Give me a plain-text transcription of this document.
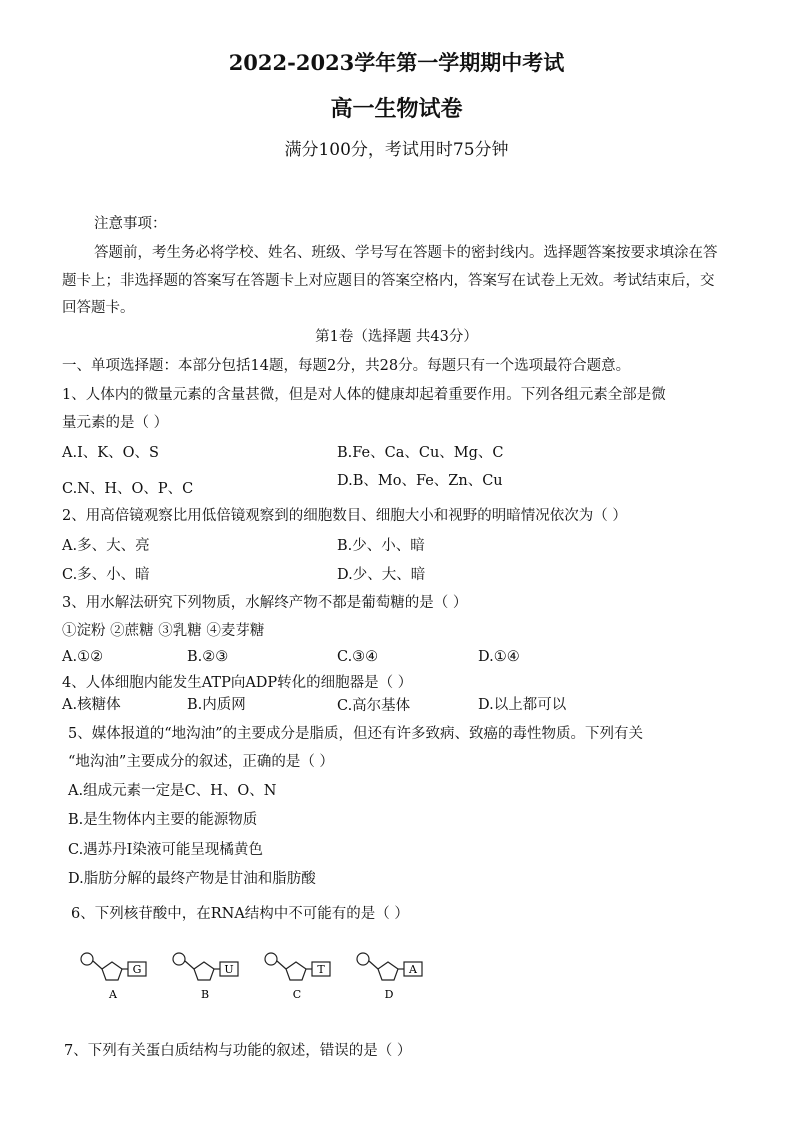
2022-2023学年第一学期期中考试
高一生物试卷
满分100分，考试用时75分钟
注意事项：
答题前，考生务必将学校、姓名、班级、学号写在答题卡的密封线内。选择题答案按要求填涂在答
题卡上；非选择题的答案写在答题卡上对应题目的答案空格内，答案写在试卷上无效。考试结束后，交
回答题卡。
第1卷（选择题 共43分）
一、单项选择题：本部分包括14题，每题2分，共28分。每题只有一个选项最符合题意。
1、人体内的微量元素的含量甚微，但是对人体的健康却起着重要作用。下列各组元素全部是微
量元素的是（ ）
A.I、K、O、S	B.Fe、Ca、Cu、Mg、C
D.B、Mo、Fe、Zn、Cu
C.N、H、O、P、C
2、用高倍镜观察比用低倍镜观察到的细胞数目、细胞大小和视野的明暗情况依次为（ ）
A.多、大、亮	B.少、小、暗
C.多、小、暗	D.少、大、暗
3、用水解法研究下列物质，水解终产物不都是葡萄糖的是（ ）
①淀粉 ②蔗糖 ③乳糖 ④麦芽糖
A.①②	B.②③	C.③④	D.①④
4、人体细胞内能发生ATP向ADP转化的细胞器是（ ）
A.核糖体	B.内质网	C.高尔基体	D.以上都可以
5、媒体报道的“地沟油”的主要成分是脂质，但还有许多致病、致癌的毒性物质。下列有关
“地沟油”主要成分的叙述，正确的是（ ）
A.组成元素一定是C、H、O、N
B.是生物体内主要的能源物质
C.遇苏丹Ⅰ染液可能呈现橘黄色
D.脂肪分解的最终产物是甘油和脂肪酸
6、下列核苷酸中，在RNA结构中不可能有的是（ ）
G
A
U
B
T
C
A
D
7、下列有关蛋白质结构与功能的叙述，错误的是（ ）
